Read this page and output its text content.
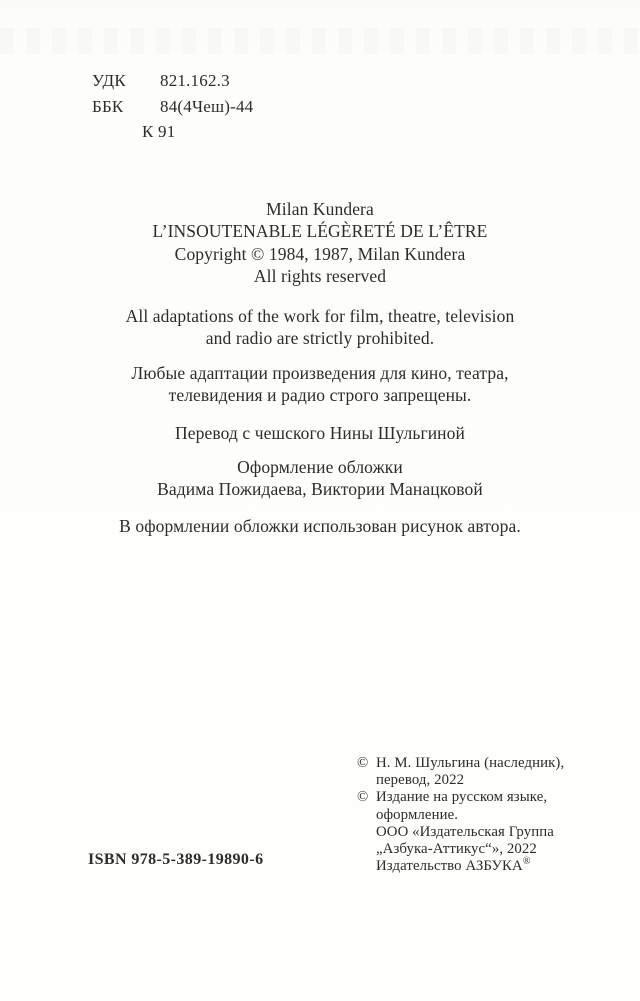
УДК	821.162.3
ББК	84(4Чеш)-44
К 91
Milan Kundera
L’INSOUTENABLE LÉGÈRETÉ DE L’ÊTRE
Copyright © 1984, 1987, Milan Kundera
All rights reserved
All adaptations of the work for film, theatre, television
and radio are strictly prohibited.
Любые адаптации произведения для кино, театра,
телевидения и радио строго запрещены.
Перевод с чешского Нины Шульгиной
Оформление обложки
Вадима Пожидаева, Виктории Манацковой
В оформлении обложки использован рисунок автора.
© Н. М. Шульгина (наследник),
перевод, 2022
© Издание на русском языке,
оформление.
ООО «Издательская Группа
„Азбука-Аттикус“», 2022
Издательство АЗБУКА®
ISBN 978-5-389-19890-6
